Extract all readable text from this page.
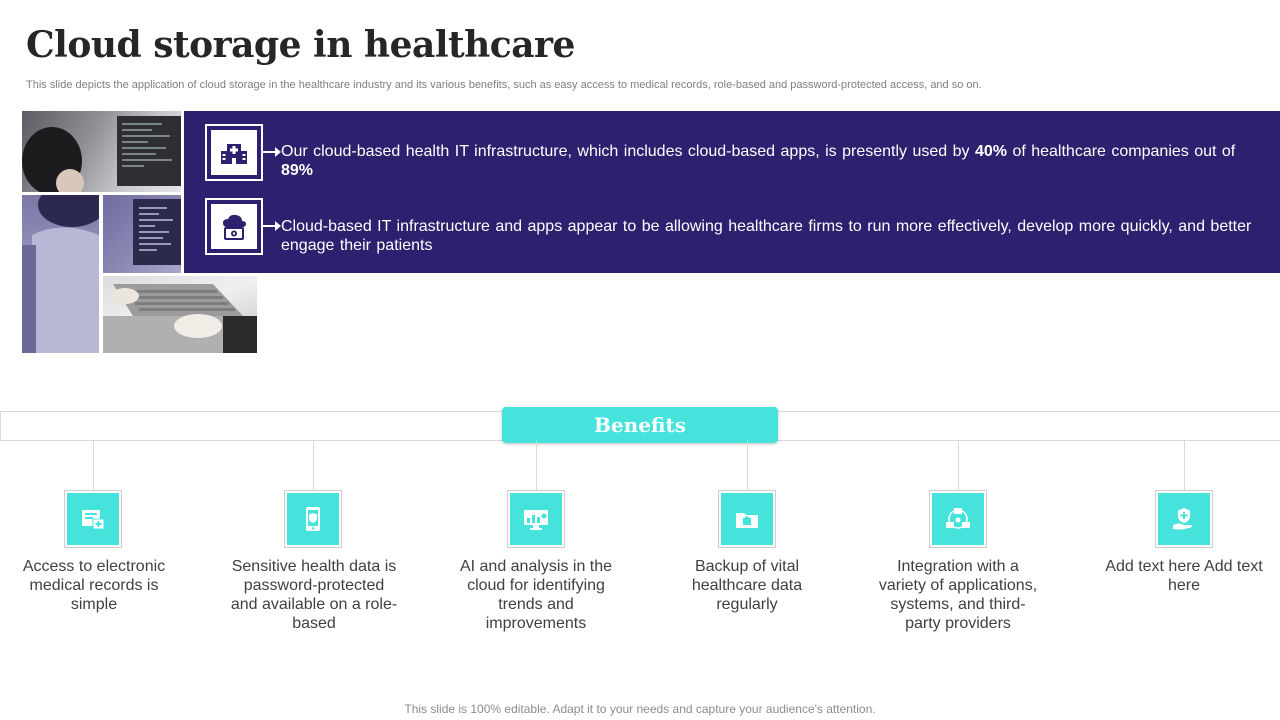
Cloud storage in healthcare
This slide depicts the application of cloud storage in the healthcare industry and its various benefits, such as easy access to medical records, role-based and password-protected access, and so on.
Our cloud-based health IT infrastructure, which includes cloud-based apps, is presently used by 40% of healthcare companies out of 89%
Cloud-based IT infrastructure and apps appear to be allowing healthcare firms to run more effectively, develop more quickly, and better engage their patients
Benefits
Access to electronic medical records is simple
Sensitive health data is password-protected and available on a role-based
AI and analysis in the cloud for identifying trends and improvements
Backup of vital healthcare data regularly
Integration with a variety of applications, systems, and third-party providers
Add text here Add text here
This slide is 100% editable. Adapt it to your needs and capture your audience's attention.
